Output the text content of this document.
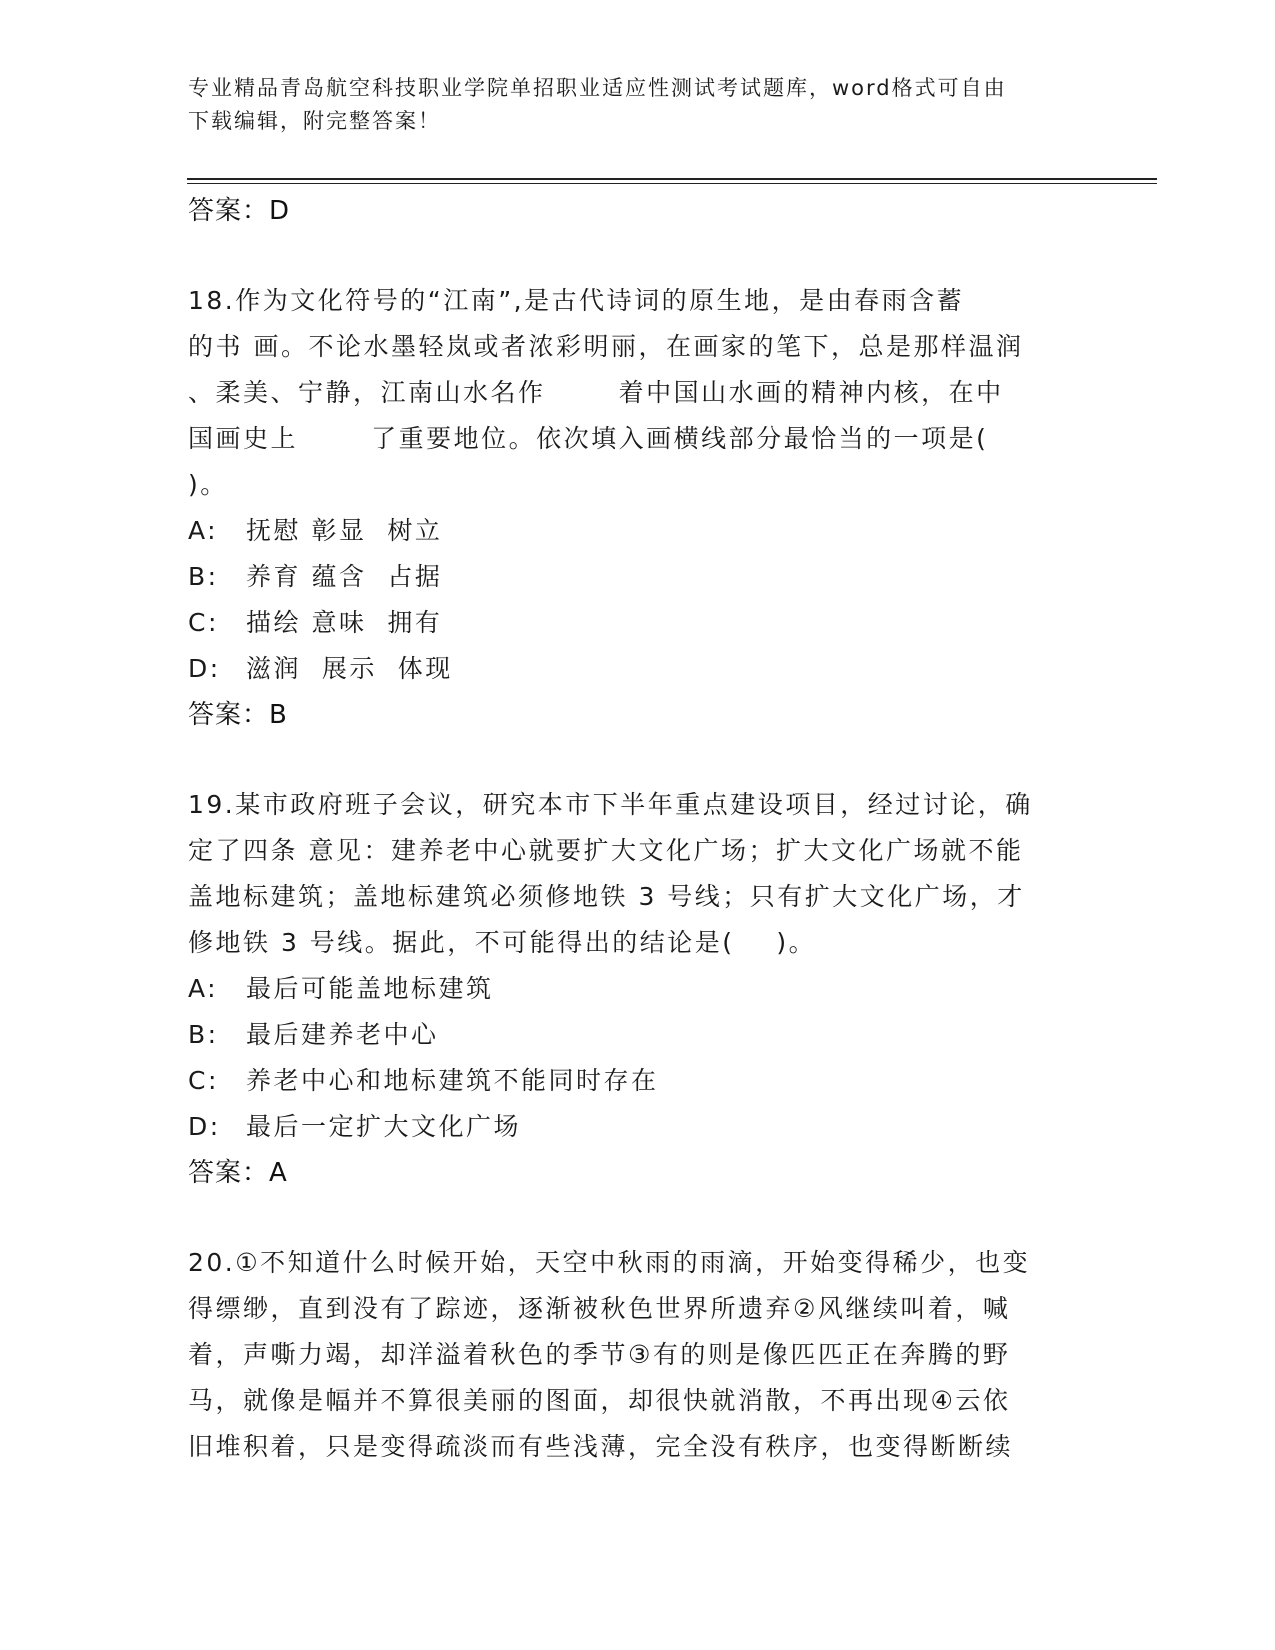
专业精品青岛航空科技职业学院单招职业适应性测试考试题库，word格式可自由
下载编辑，附完整答案！
答案：D
18.作为文化符号的“江南”,是古代诗词的原生地，是由春雨含蓄
的书 画。不论水墨轻岚或者浓彩明丽，在画家的笔下，总是那样温润
、柔美、宁静，江南山水名作       着中国山水画的精神内核，在中
国画史上       了重要地位。依次填入画横线部分最恰当的一项是(
)。
A: 抚慰 彰显  树立
B: 养育 蕴含  占据
C: 描绘 意味  拥有
D: 滋润  展示  体现
答案：B
19.某市政府班子会议，研究本市下半年重点建设项目，经过讨论，确
定了四条 意见：建养老中心就要扩大文化广场；扩大文化广场就不能
盖地标建筑；盖地标建筑必须修地铁 3 号线；只有扩大文化广场，才
修地铁 3 号线。据此，不可能得出的结论是(    )。
A: 最后可能盖地标建筑
B: 最后建养老中心
C: 养老中心和地标建筑不能同时存在
D: 最后一定扩大文化广场
答案：A
20.①不知道什么时候开始，天空中秋雨的雨滴，开始变得稀少，也变
得缥缈，直到没有了踪迹，逐渐被秋色世界所遗弃②风继续叫着，喊
着，声嘶力竭，却洋溢着秋色的季节③有的则是像匹匹正在奔腾的野
马，就像是幅并不算很美丽的图面，却很快就消散，不再出现④云依
旧堆积着，只是变得疏淡而有些浅薄，完全没有秩序，也变得断断续
